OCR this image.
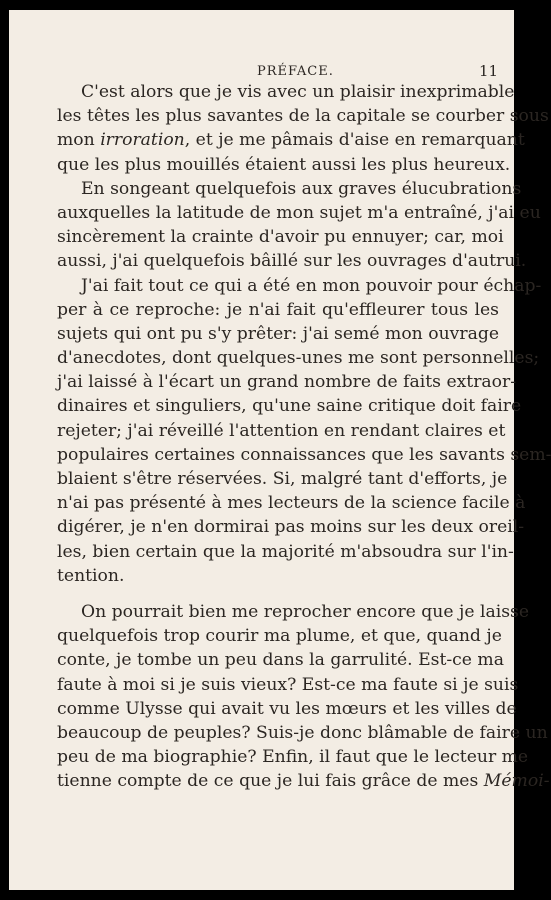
PRÉFACE.	11
C'est alors que je vis avec un plaisir inexprimable
les têtes les plus savantes de la capitale se courber sous
mon irroration, et je me pâmais d'aise en remarquant
que les plus mouillés étaient aussi les plus heureux.
En songeant quelquefois aux graves élucubrations
auxquelles la latitude de mon sujet m'a entraîné, j'ai eu
sincèrement la crainte d'avoir pu ennuyer; car, moi
aussi, j'ai quelquefois bâillé sur les ouvrages d'autrui.
J'ai fait tout ce qui a été en mon pouvoir pour échap-
per à ce reproche: je n'ai fait qu'effleurer tous les
sujets qui ont pu s'y prêter: j'ai semé mon ouvrage
d'anecdotes, dont quelques-unes me sont personnelles;
j'ai laissé à l'écart un grand nombre de faits extraor-
dinaires et singuliers, qu'une saine critique doit faire
rejeter; j'ai réveillé l'attention en rendant claires et
populaires certaines connaissances que les savants sem-
blaient s'être réservées. Si, malgré tant d'efforts, je
n'ai pas présenté à mes lecteurs de la science facile à
digérer, je n'en dormirai pas moins sur les deux oreil-
les, bien certain que la majorité m'absoudra sur l'in-
tention.
On pourrait bien me reprocher encore que je laisse
quelquefois trop courir ma plume, et que, quand je
conte, je tombe un peu dans la garrulité. Est-ce ma
faute à moi si je suis vieux? Est-ce ma faute si je suis
comme Ulysse qui avait vu les mœurs et les villes de
beaucoup de peuples? Suis-je donc blâmable de faire un
peu de ma biographie? Enfin, il faut que le lecteur me
tienne compte de ce que je lui fais grâce de mes Mémoi-
